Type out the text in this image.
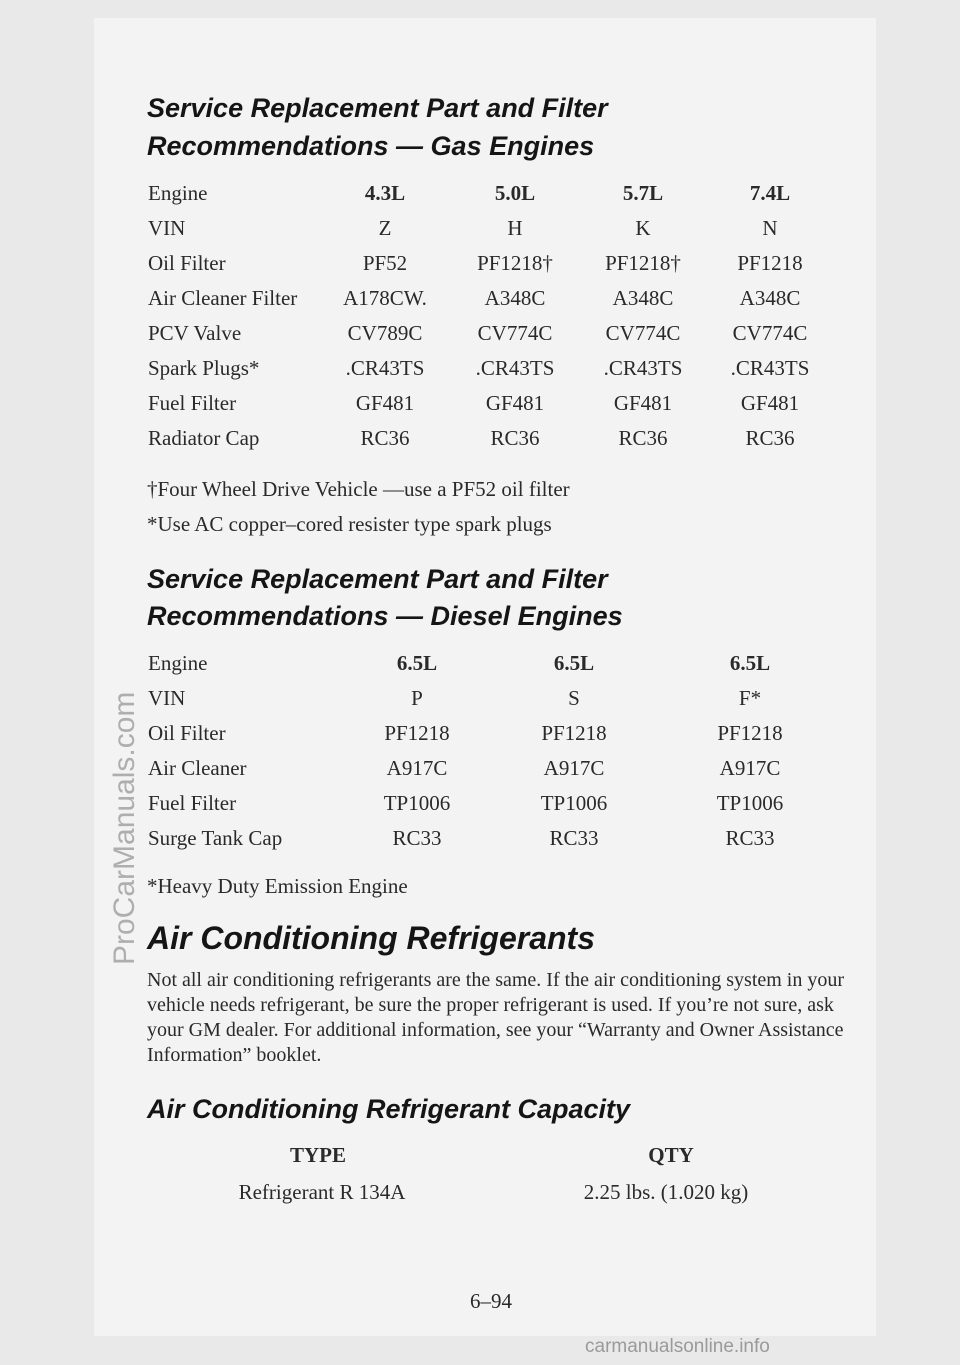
ProCarManuals.com
Service Replacement Part and Filter
Recommendations — Gas Engines
Engine	4.3L	5.0L	5.7L	7.4L
VIN	Z	H	K	N
Oil Filter	PF52	PF1218†	PF1218†	PF1218
Air Cleaner Filter	A178CW.	A348C	A348C	A348C
PCV Valve	CV789C	CV774C	CV774C	CV774C
Spark Plugs*	.CR43TS	.CR43TS	.CR43TS	.CR43TS
Fuel Filter	GF481	GF481	GF481	GF481
Radiator Cap	RC36	RC36	RC36	RC36

†Four Wheel Drive Vehicle —use a PF52 oil filter

*Use AC copper–cored resister type spark plugs

Service Replacement Part and Filter
Recommendations — Diesel Engines
Engine	6.5L	6.5L	6.5L
VIN	P	S	F*
Oil Filter	PF1218	PF1218	PF1218
Air Cleaner	A917C	A917C	A917C
Fuel Filter	TP1006	TP1006	TP1006
Surge Tank Cap	RC33	RC33	RC33

*Heavy Duty Emission Engine

Air Conditioning Refrigerants

Not all air conditioning refrigerants are the same. If the air conditioning system in your vehicle needs refrigerant, be sure the proper refrigerant is used. If you’re not sure, ask your GM dealer. For additional information, see your “Warranty and Owner Assistance Information” booklet.

Air Conditioning Refrigerant Capacity
TYPE	QTY
Refrigerant R 134A	2.25 lbs. (1.020 kg)
6–94
carmanualsonline.info
